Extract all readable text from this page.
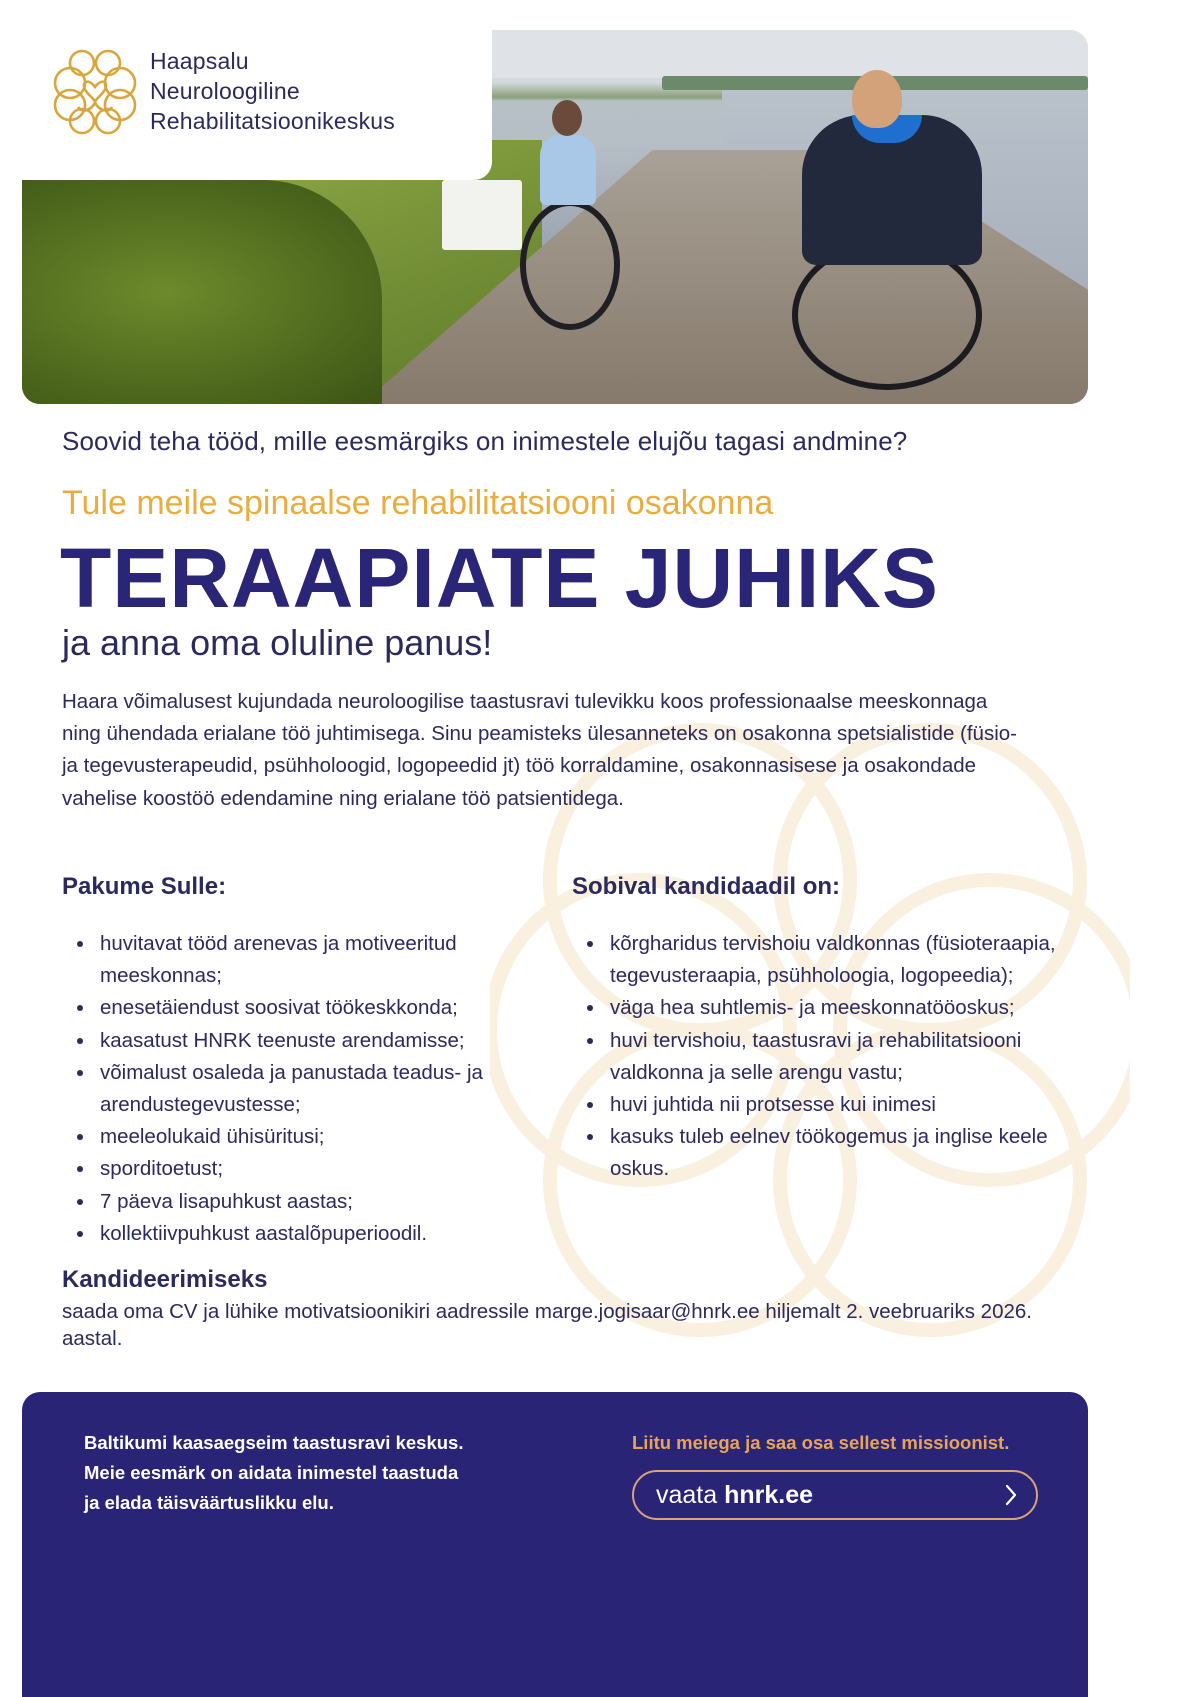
Haapsalu
Neuroloogiline
Rehabilitatsioonikeskus
Soovid teha tööd, mille eesmärgiks on inimestele elujõu tagasi andmine?
Tule meile spinaalse rehabilitatsiooni osakonna
TERAAPIATE JUHIKS
ja anna oma oluline panus!

Haara võimalusest kujundada neuroloogilise taastusravi tulevikku koos professionaalse meeskonnaga ning ühendada erialane töö juhtimisega. Sinu peamisteks ülesanneteks on osakonna spetsialistide (füsio- ja tegevusterapeudid, psühholoogid, logopeedid jt) töö korraldamine, osakonnasisese ja osakondade vahelise koostöö edendamine ning erialane töö patsientidega.

Pakume Sulle:
huvitavat tööd arenevas ja motiveeritud meeskonnas;
enesetäiendust soosivat töökeskkonda;
kaasatust HNRK teenuste arendamisse;
võimalust osaleda ja panustada teadus- ja arendustegevustesse;
meeleolukaid ühisüritusi;
sporditoetust;
7 päeva lisapuhkust aastas;
kollektiivpuhkust aastalõpuperioodil.
Sobival kandidaadil on:
kõrgharidus tervishoiu valdkonnas (füsioteraapia, tegevusteraapia, psühholoogia, logopeedia);
väga hea suhtlemis- ja meeskonnatööoskus;
huvi tervishoiu, taastusravi ja rehabilitatsiooni valdkonna ja selle arengu vastu;
huvi juhtida nii protsesse kui inimesi
kasuks tuleb eelnev töökogemus ja inglise keele oskus.
Kandideerimiseks

saada oma CV ja lühike motivatsioonikiri aadressile marge.jogisaar@hnrk.ee hiljemalt 2. veebruariks 2026. aastal.

Baltikumi kaasaegseim taastusravi keskus.

Meie eesmärk on aidata inimestel taastuda

ja elada täisväärtuslikku elu.

Liitu meiega ja saa osa sellest missioonist.
vaata hnrk.ee
